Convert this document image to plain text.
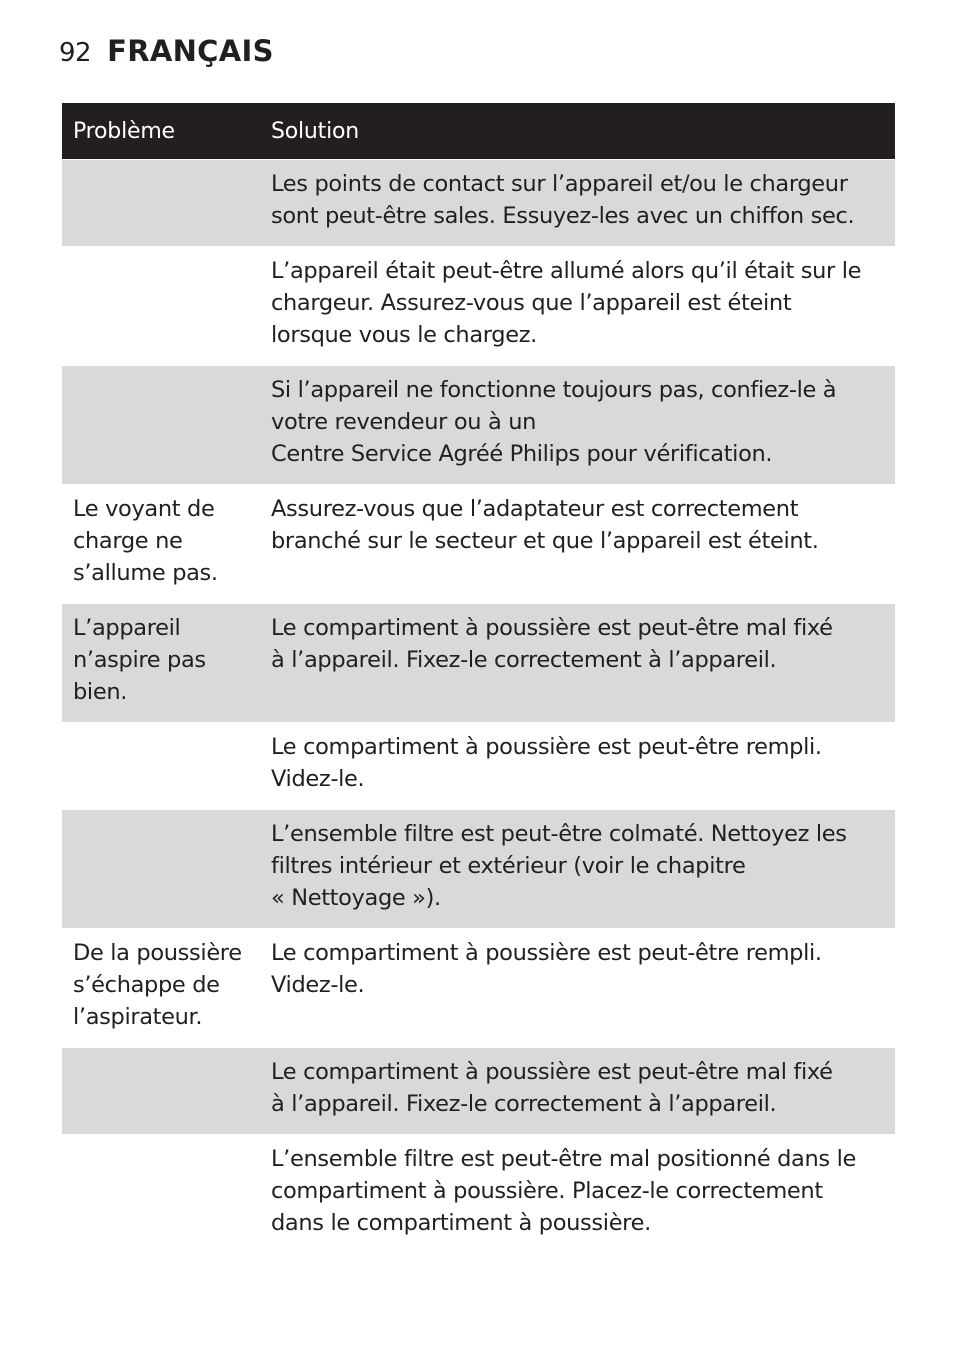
92 FRANÇAIS
Problème	Solution
Les points de contact sur l’appareil et/ou le chargeur
sont peut-être sales. Essuyez-les avec un chiffon sec.
L’appareil était peut-être allumé alors qu’il était sur le
chargeur. Assurez-vous que l’appareil est éteint
lorsque vous le chargez.
Si l’appareil ne fonctionne toujours pas, confiez-le à
votre revendeur ou à un
Centre Service Agréé Philips pour vérification.
Le voyant de
charge ne
s’allume pas.
Assurez-vous que l’adaptateur est correctement
branché sur le secteur et que l’appareil est éteint.
L’appareil
n’aspire pas
bien.
Le compartiment à poussière est peut-être mal fixé
à l’appareil. Fixez-le correctement à l’appareil.
Le compartiment à poussière est peut-être rempli.
Videz-le.
L’ensemble filtre est peut-être colmaté. Nettoyez les
filtres intérieur et extérieur (voir le chapitre
« Nettoyage »).
De la poussière
s’échappe de
l’aspirateur.
Le compartiment à poussière est peut-être rempli.
Videz-le.
Le compartiment à poussière est peut-être mal fixé
à l’appareil. Fixez-le correctement à l’appareil.
L’ensemble filtre est peut-être mal positionné dans le
compartiment à poussière. Placez-le correctement
dans le compartiment à poussière.
